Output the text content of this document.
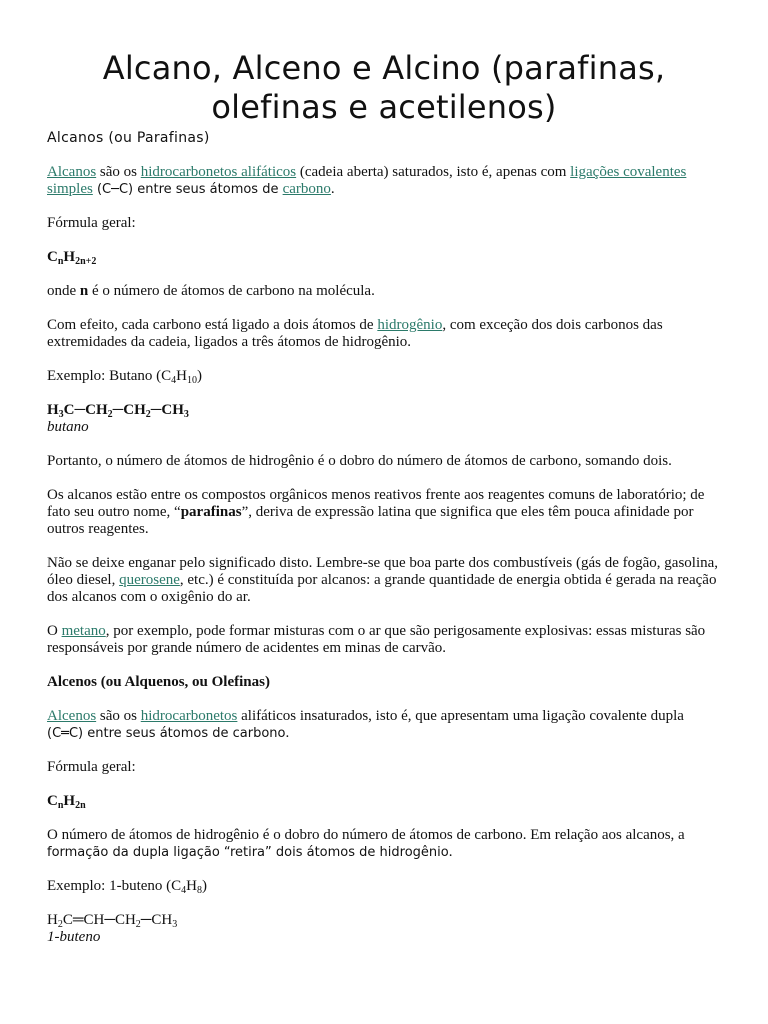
Alcano, Alceno e Alcino (parafinas, olefinas e acetilenos)
Alcanos (ou Parafinas)

Alcanos são os hidrocarbonetos alifáticos (cadeia aberta) saturados, isto é, apenas com ligações covalentes simples (C─C) entre seus átomos de carbono.

Fórmula geral:

$C_nH_{2n+2}$

onde n é o número de átomos de carbono na molécula.

Com efeito, cada carbono está ligado a dois átomos de hidrogênio, com exceção dos dois carbonos das extremidades da cadeia, ligados a três átomos de hidrogênio.

Exemplo: Butano $(C_4H_{10})$

$H_3C─CH_2─CH_2─CH_3$

butano

Portanto, o número de átomos de hidrogênio é o dobro do número de átomos de carbono, somando dois.

Os alcanos estão entre os compostos orgânicos menos reativos frente aos reagentes comuns de laboratório; de fato seu outro nome, “parafinas”, deriva de expressão latina que significa que eles têm pouca afinidade por outros reagentes.

Não se deixe enganar pelo significado disto. Lembre-se que boa parte dos combustíveis (gás de fogão, gasolina, óleo diesel, querosene, etc.) é constituída por alcanos: a grande quantidade de energia obtida é gerada na reação dos alcanos com o oxigênio do ar.

O metano, por exemplo, pode formar misturas com o ar que são perigosamente explosivas: essas misturas são responsáveis por grande número de acidentes em minas de carvão.

Alcenos (ou Alquenos, ou Olefinas)

Alcenos são os hidrocarbonetos alifáticos insaturados, isto é, que apresentam uma ligação covalente dupla (C═C) entre seus átomos de carbono.

Fórmula geral:

$C_nH_{2n}$

O número de átomos de hidrogênio é o dobro do número de átomos de carbono. Em relação aos alcanos, a formação da dupla ligação “retira” dois átomos de hidrogênio.

Exemplo: 1-buteno $(C_4H_8)$

$H_2C═CH─CH_2─CH_3$

1-buteno
